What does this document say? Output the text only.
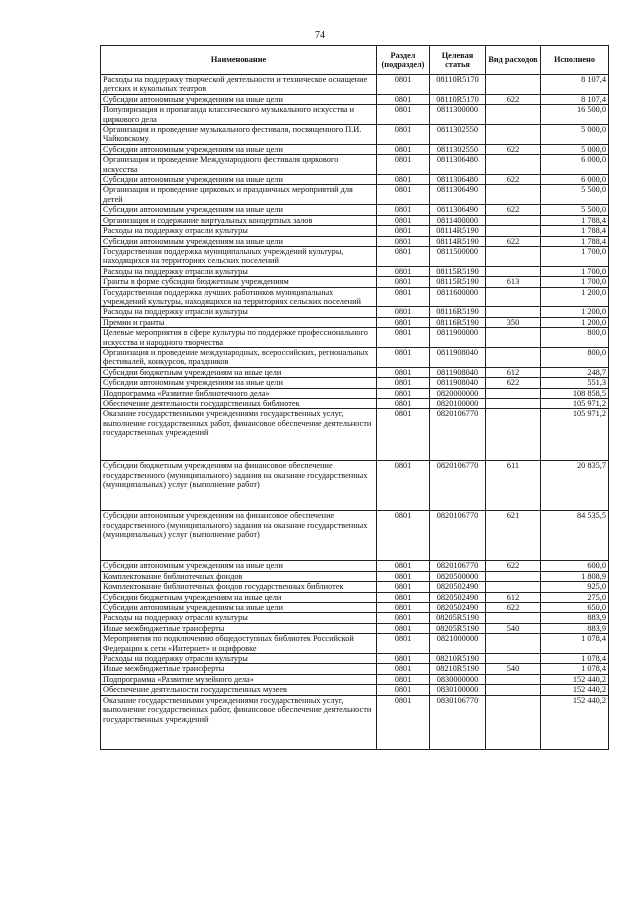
74
Наименование	Раздел (подраздел)	Целевая статья	Вид расходов	Исполнено
Расходы на поддержку творческой деятельности и техническое оснащение детских и кукольных театров	0801	08110R5170		8 107,4
Субсидии автономным учреждениям на иные цели	0801	08110R5170	622	8 107,4
Популяризация и пропаганда классического музыкального искусства и циркового дела	0801	0811300000		16 500,0
Организация и проведение музыкального фестиваля, посвященного П.И. Чайковскому	0801	0811302550		5 000,0
Субсидии автономным учреждениям на иные цели	0801	0811302550	622	5 000,0
Организация и проведение Международного фестиваля циркового искусства	0801	0811306480		6 000,0
Субсидии автономным учреждениям на иные цели	0801	0811306480	622	6 000,0
Организация и проведение цирковых и праздничных мероприятий для детей	0801	0811306490		5 500,0
Субсидии автономным учреждениям на иные цели	0801	0811306490	622	5 500,0
Организация и содержание виртуальных концертных залов	0801	0811400000		1 788,4
Расходы на поддержку отрасли культуры	0801	08114R5190		1 788,4
Субсидии автономным учреждениям на иные цели	0801	08114R5190	622	1 788,4
Государственная поддержка муниципальных учреждений культуры, находящихся на территориях сельских поселений	0801	0811500000		1 700,0
Расходы на поддержку отрасли культуры	0801	08115R5190		1 700,0
Гранты в форме субсидии бюджетным учреждениям	0801	08115R5190	613	1 700,0
Государственная поддержка лучших работников муниципальных учреждений культуры, находящихся на территориях сельских поселений	0801	0811600000		1 200,0
Расходы на поддержку отрасли культуры	0801	08116R5190		1 200,0
Премии и гранты	0801	08116R5190	350	1 200,0
Целевые мероприятия в сфере культуры по поддержке профессионального искусства и народного творчества	0801	0811900000		800,0
Организация и проведение международных, всероссийских, региональных фестивалей, конкурсов, праздников	0801	0811908040		800,0
Субсидии бюджетным учреждениям на иные цели	0801	0811908040	612	248,7
Субсидии автономным учреждениям на иные цели	0801	0811908040	622	551,3
Подпрограмма «Развитие библиотечного дела»	0801	0820000000		108 858,5
Обеспечение деятельности государственных библиотек	0801	0820100000		105 971,2
Оказание государственными учреждениями государственных услуг, выполнение государственных работ, финансовое обеспечение деятельности государственных учреждений	0801	0820106770		105 971,2
Субсидии бюджетным учреждениям на финансовое обеспечение государственного (муниципального) задания на оказание государственных (муниципальных) услуг (выполнение работ)	0801	0820106770	611	20 835,7
Субсидии автономным учреждениям на финансовое обеспечение государственного (муниципального) задания на оказание государственных (муниципальных) услуг (выполнение работ)	0801	0820106770	621	84 535,5
Субсидии автономным учреждениям на иные цели	0801	0820106770	622	600,0
Комплектование библиотечных фондов	0801	0820500000		1 808,9
Комплектование библиотечных фондов государственных библиотек	0801	0820502490		925,0
Субсидии бюджетным учреждениям на иные цели	0801	0820502490	612	275,0
Субсидии автономным учреждениям на иные цели	0801	0820502490	622	650,0
Расходы на поддержку отрасли культуры	0801	08205R5190		883,9
Иные межбюджетные трансферты	0801	08205R5190	540	883,9
Мероприятия по подключению общедоступных библиотек Российской Федерации к сети «Интернет» и оцифровке	0801	0821000000		1 078,4
Расходы на поддержку отрасли культуры	0801	08210R5190		1 078,4
Иные межбюджетные трансферты	0801	08210R5190	540	1 078,4
Подпрограмма «Развитие музейного дела»	0801	0830000000		152 440,2
Обеспечение деятельности государственных музеев	0801	0830100000		152 440,2
Оказание государственными учреждениями государственных услуг, выполнение государственных работ, финансовое обеспечение деятельности государственных учреждений	0801	0830106770		152 440,2
